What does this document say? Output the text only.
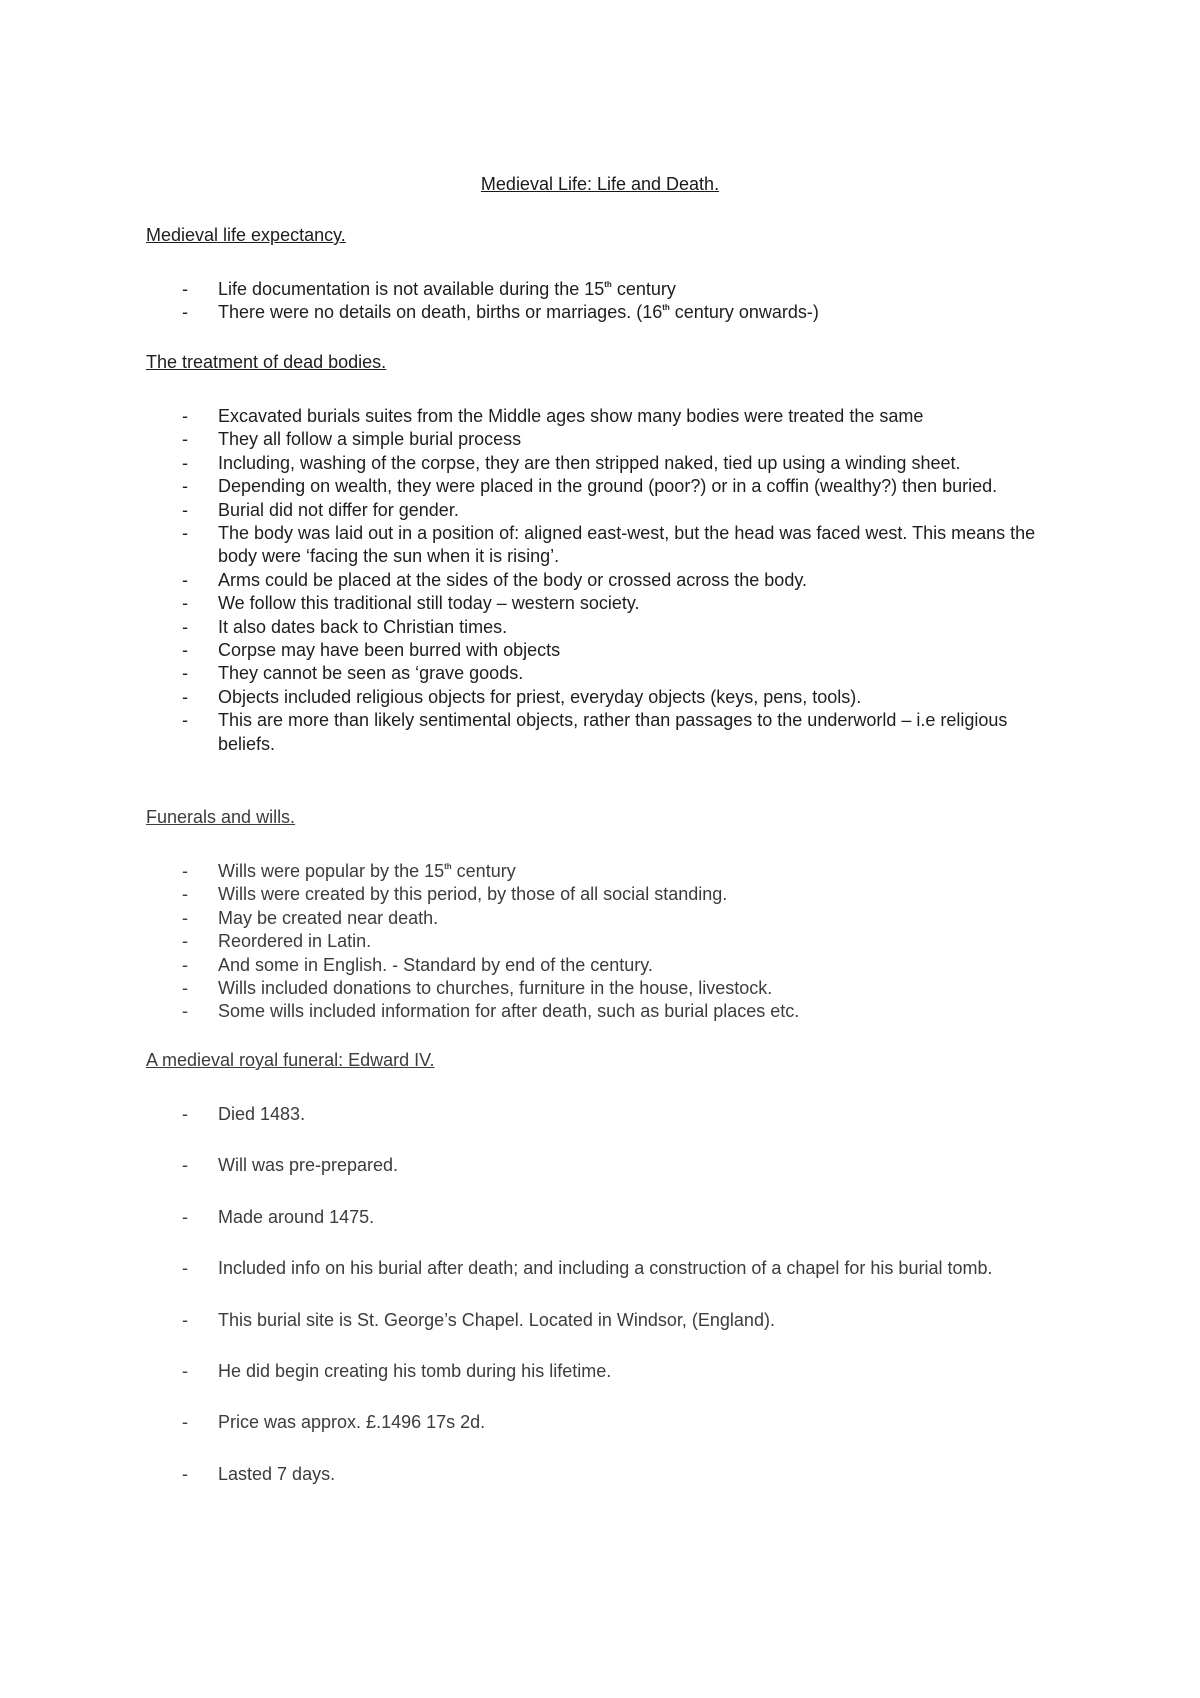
Medieval Life: Life and Death.
Medieval life expectancy.
- Life documentation is not available during the 15th century
- There were no details on death, births or marriages. (16th century onwards-)
The treatment of dead bodies.
- Excavated burials suites from the Middle ages show many bodies were treated the same
- They all follow a simple burial process
- Including, washing of the corpse, they are then stripped naked, tied up using a winding sheet.
- Depending on wealth, they were placed in the ground (poor?) or in a coffin (wealthy?) then buried.
- Burial did not differ for gender.
- The body was laid out in a position of: aligned east-west, but the head was faced west. This means the body were ‘facing the sun when it is rising’.
- Arms could be placed at the sides of the body or crossed across the body.
- We follow this traditional still today – western society.
- It also dates back to Christian times.
- Corpse may have been burred with objects
- They cannot be seen as ‘grave goods.
- Objects included religious objects for priest, everyday objects (keys, pens, tools).
- This are more than likely sentimental objects, rather than passages to the underworld – i.e religious beliefs.
Funerals and wills.
- Wills were popular by the 15th century
- Wills were created by this period, by those of all social standing.
- May be created near death.
- Reordered in Latin.
- And some in English. - Standard by end of the century.
- Wills included donations to churches, furniture in the house, livestock.
- Some wills included information for after death, such as burial places etc.
A medieval royal funeral: Edward IV.
- Died 1483.
- Will was pre-prepared.
- Made around 1475.
- Included info on his burial after death; and including a construction of a chapel for his burial tomb.
- This burial site is St. George’s Chapel. Located in Windsor, (England).
- He did begin creating his tomb during his lifetime.
- Price was approx. £.1496 17s 2d.
- Lasted 7 days.
